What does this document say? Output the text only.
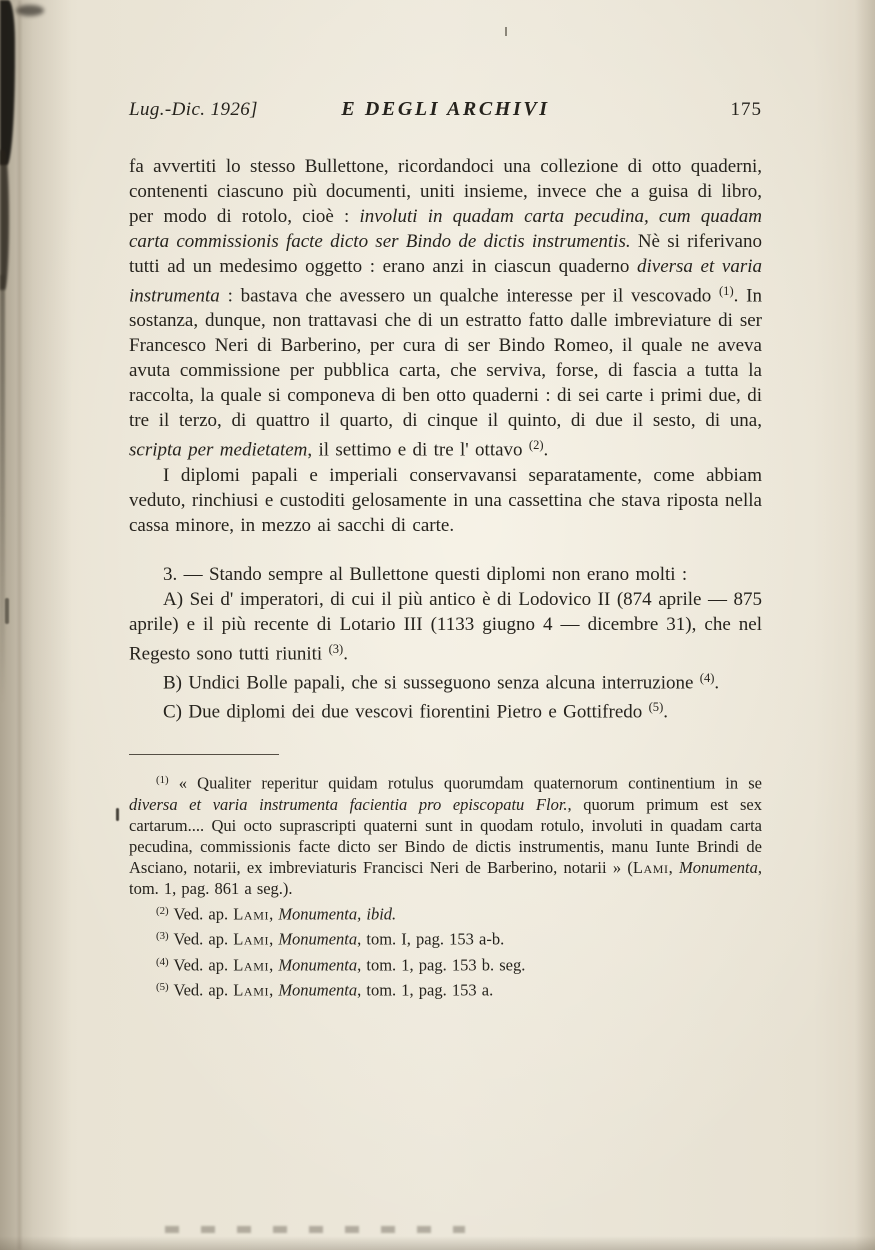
Lug.-Dic. 1926]	E DEGLI ARCHIVI	175

fa avvertiti lo stesso Bullettone, ricordandoci una collezione di otto quaderni, contenenti ciascuno più documenti, uniti insieme, invece che a guisa di libro, per modo di rotolo, cioè : involuti in quadam carta pecudina, cum quadam carta commissionis facte dicto ser Bindo de dictis instrumentis. Nè si riferivano tutti ad un medesimo oggetto : erano anzi in ciascun quaderno diversa et varia instrumenta : bastava che avessero un qualche interesse per il vescovado $^{(1)}$. In sostanza, dunque, non trattavasi che di un estratto fatto dalle imbreviature di ser Francesco Neri di Barberino, per cura di ser Bindo Romeo, il quale ne aveva avuta commissione per pubblica carta, che serviva, forse, di fascia a tutta la raccolta, la quale si componeva di ben otto quaderni : di sei carte i primi due, di tre il terzo, di quattro il quarto, di cinque il quinto, di due il sesto, di una, scripta per medietatem, il settimo e di tre l' ottavo $^{(2)}$.

I diplomi papali e imperiali conservavansi separatamente, come abbiam veduto, rinchiusi e custoditi gelosamente in una cassettina che stava riposta nella cassa minore, in mezzo ai sacchi di carte.

3. — Stando sempre al Bullettone questi diplomi non erano molti :

A) Sei d' imperatori, di cui il più antico è di Lodovico II (874 aprile — 875 aprile) e il più recente di Lotario III (1133 giugno 4 — dicembre 31), che nel Regesto sono tutti riuniti $^{(3)}$.

B) Undici Bolle papali, che si susseguono senza alcuna interruzione $^{(4)}$.

C) Due diplomi dei due vescovi fiorentini Pietro e Gottifredo $^{(5)}$.

$^{(1)}$ « Qualiter reperitur quidam rotulus quorumdam quaternorum continentium in se diversa et varia instrumenta facientia pro episcopatu Flor., quorum primum est sex cartarum.... Qui octo suprascripti quaterni sunt in quodam rotulo, involuti in quadam carta pecudina, commissionis facte dicto ser Bindo de dictis instrumentis, manu Iunte Brindi de Asciano, notarii, ex imbreviaturis Francisci Neri de Barberino, notarii » (Lami, Monumenta, tom. 1, pag. 861 a seg.).

$^{(2)}$ Ved. ap. Lami, Monumenta, ibid.

$^{(3)}$ Ved. ap. Lami, Monumenta, tom. I, pag. 153 a-b.

$^{(4)}$ Ved. ap. Lami, Monumenta, tom. 1, pag. 153 b. seg.

$^{(5)}$ Ved. ap. Lami, Monumenta, tom. 1, pag. 153 a.
